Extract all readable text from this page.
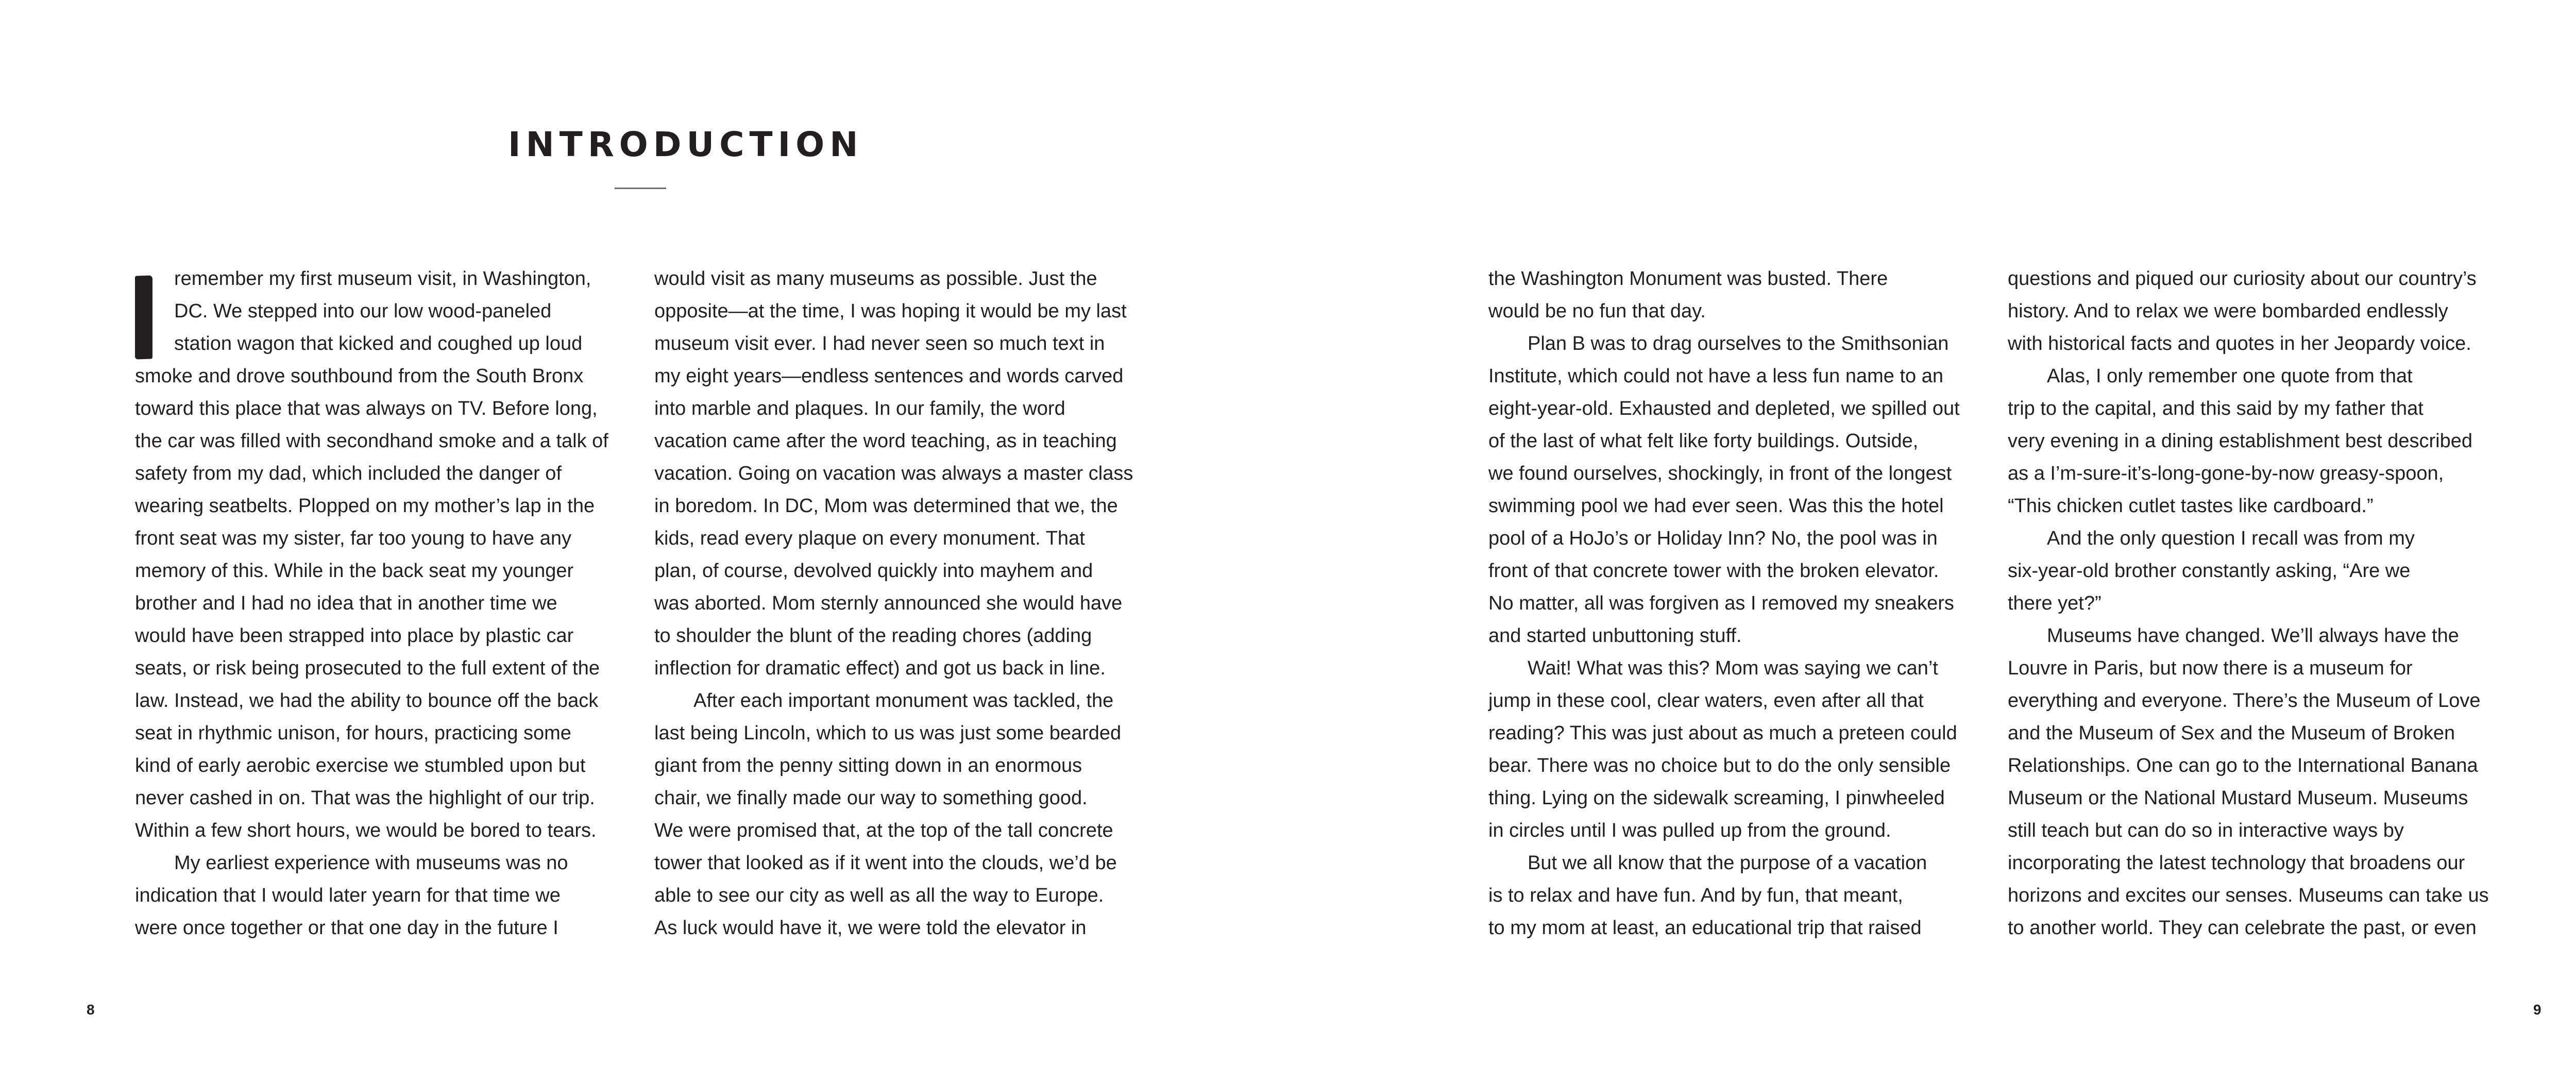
INTRODUCTION
remember my first museum visit, in Washington,
DC. We stepped into our low wood-paneled
station wagon that kicked and coughed up loud
smoke and drove southbound from the South Bronx
toward this place that was always on TV. Before long,
the car was filled with secondhand smoke and a talk of
safety from my dad, which included the danger of
wearing seatbelts. Plopped on my mother’s lap in the
front seat was my sister, far too young to have any
memory of this. While in the back seat my younger
brother and I had no idea that in another time we
would have been strapped into place by plastic car
seats, or risk being prosecuted to the full extent of the
law. Instead, we had the ability to bounce off the back
seat in rhythmic unison, for hours, practicing some
kind of early aerobic exercise we stumbled upon but
never cashed in on. That was the highlight of our trip.
Within a few short hours, we would be bored to tears.
My earliest experience with museums was no
indication that I would later yearn for that time we
were once together or that one day in the future I
would visit as many museums as possible. Just the
opposite—at the time, I was hoping it would be my last
museum visit ever. I had never seen so much text in
my eight years—endless sentences and words carved
into marble and plaques. In our family, the word
vacation came after the word teaching, as in teaching
vacation. Going on vacation was always a master class
in boredom. In DC, Mom was determined that we, the
kids, read every plaque on every monument. That
plan, of course, devolved quickly into mayhem and
was aborted. Mom sternly announced she would have
to shoulder the blunt of the reading chores (adding
inflection for dramatic effect) and got us back in line.
After each important monument was tackled, the
last being Lincoln, which to us was just some bearded
giant from the penny sitting down in an enormous
chair, we finally made our way to something good.
We were promised that, at the top of the tall concrete
tower that looked as if it went into the clouds, we’d be
able to see our city as well as all the way to Europe.
As luck would have it, we were told the elevator in
the Washington Monument was busted. There
would be no fun that day.
Plan B was to drag ourselves to the Smithsonian
Institute, which could not have a less fun name to an
eight-year-old. Exhausted and depleted, we spilled out
of the last of what felt like forty buildings. Outside,
we found ourselves, shockingly, in front of the longest
swimming pool we had ever seen. Was this the hotel
pool of a HoJo’s or Holiday Inn? No, the pool was in
front of that concrete tower with the broken elevator.
No matter, all was forgiven as I removed my sneakers
and started unbuttoning stuff.
Wait! What was this? Mom was saying we can’t
jump in these cool, clear waters, even after all that
reading? This was just about as much a preteen could
bear. There was no choice but to do the only sensible
thing. Lying on the sidewalk screaming, I pinwheeled
in circles until I was pulled up from the ground.
But we all know that the purpose of a vacation
is to relax and have fun. And by fun, that meant,
to my mom at least, an educational trip that raised
questions and piqued our curiosity about our country’s
history. And to relax we were bombarded endlessly
with historical facts and quotes in her Jeopardy voice.
Alas, I only remember one quote from that
trip to the capital, and this said by my father that
very evening in a dining establishment best described
as a I’m-sure-it’s-long-gone-by-now greasy-spoon,
“This chicken cutlet tastes like cardboard.”
And the only question I recall was from my
six-year-old brother constantly asking, “Are we
there yet?”
Museums have changed. We’ll always have the
Louvre in Paris, but now there is a museum for
everything and everyone. There’s the Museum of Love
and the Museum of Sex and the Museum of Broken
Relationships. One can go to the International Banana
Museum or the National Mustard Museum. Museums
still teach but can do so in interactive ways by
incorporating the latest technology that broadens our
horizons and excites our senses. Museums can take us
to another world. They can celebrate the past, or even
8	9
